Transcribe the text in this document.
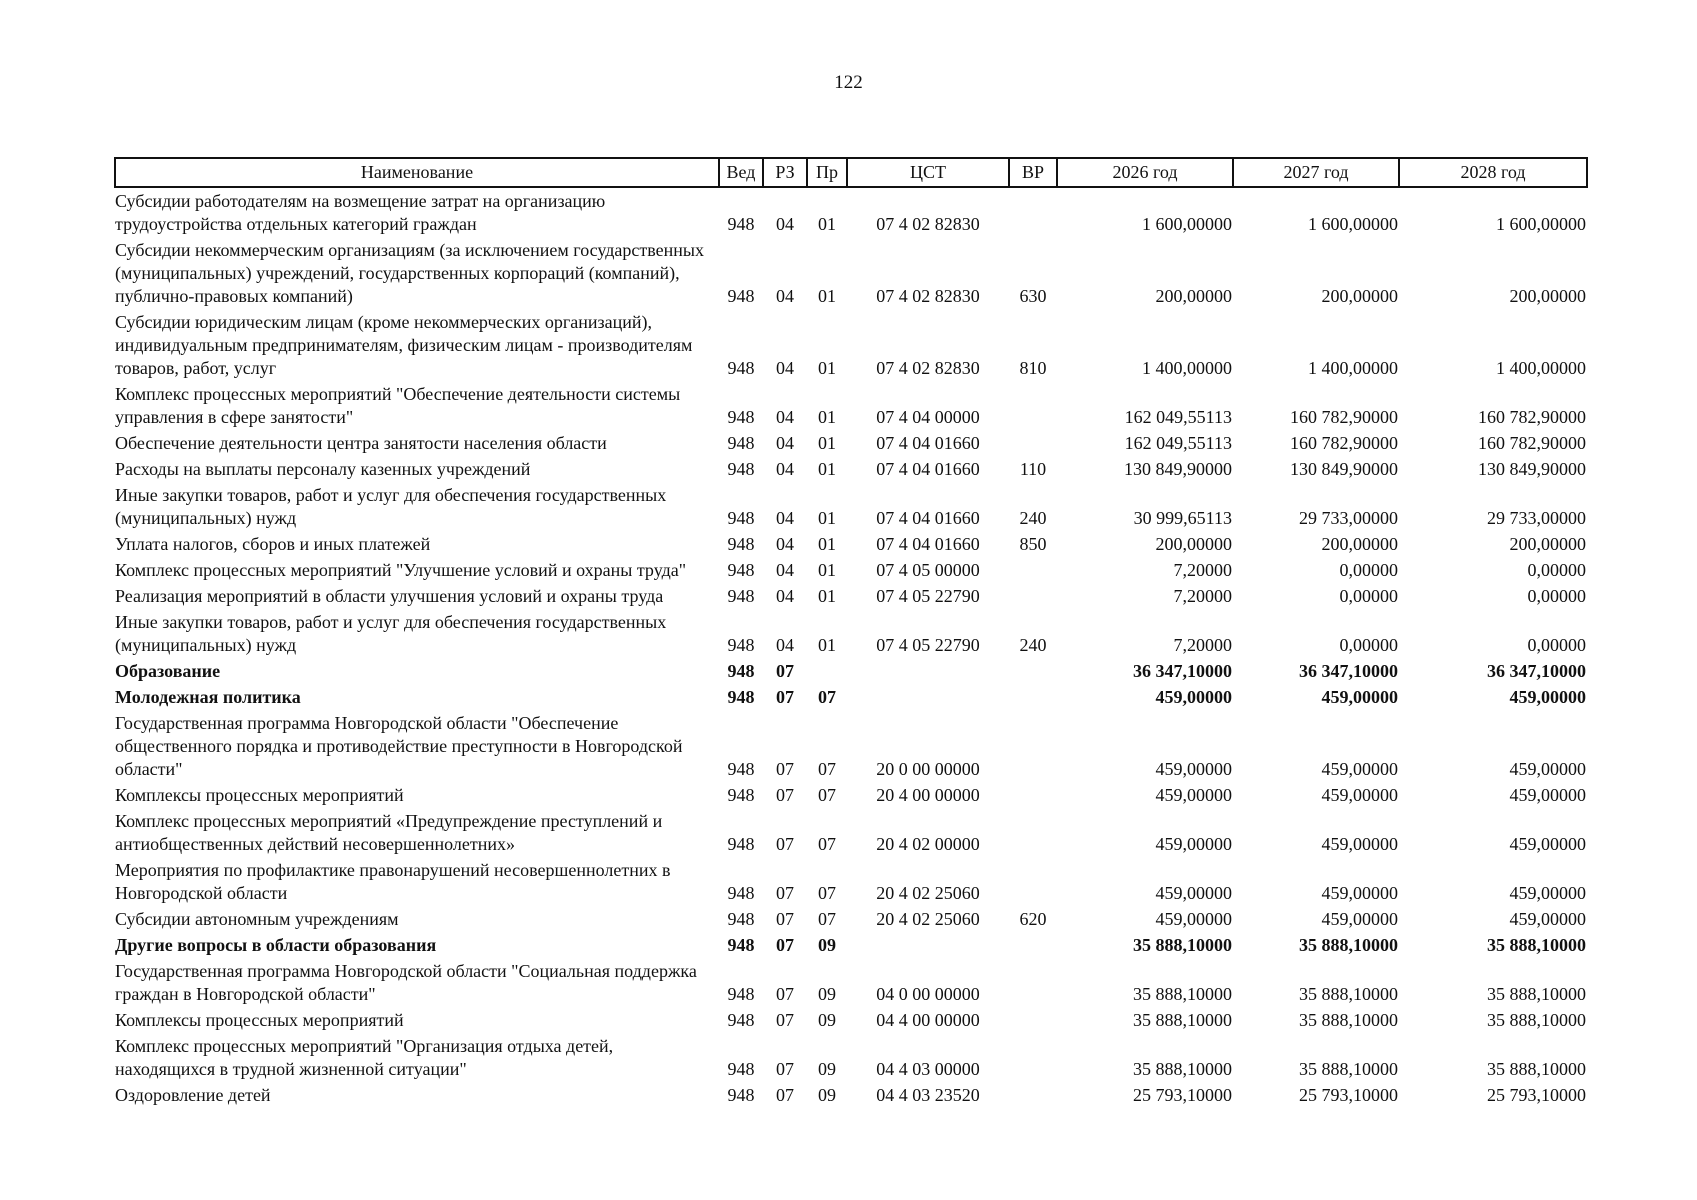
122
Наименование	Вед	РЗ	Пр	ЦСТ	ВР	2026 год	2027 год	2028 год
Субсидии работодателям на возмещение затрат на организацию трудоустройства отдельных категорий граждан	948	04	01	07 4 02 82830		1 600,00000	1 600,00000	1 600,00000
Субсидии некоммерческим организациям (за исключением государственных (муниципальных) учреждений, государственных корпораций (компаний), публично-правовых компаний)	948	04	01	07 4 02 82830	630	200,00000	200,00000	200,00000
Субсидии юридическим лицам (кроме некоммерческих организаций), индивидуальным предпринимателям, физическим лицам - производителям товаров, работ, услуг	948	04	01	07 4 02 82830	810	1 400,00000	1 400,00000	1 400,00000
Комплекс процессных мероприятий "Обеспечение деятельности системы управления в сфере занятости"	948	04	01	07 4 04 00000		162 049,55113	160 782,90000	160 782,90000
Обеспечение деятельности центра занятости населения области	948	04	01	07 4 04 01660		162 049,55113	160 782,90000	160 782,90000
Расходы на выплаты персоналу казенных учреждений	948	04	01	07 4 04 01660	110	130 849,90000	130 849,90000	130 849,90000
Иные закупки товаров, работ и услуг для обеспечения государственных (муниципальных) нужд	948	04	01	07 4 04 01660	240	30 999,65113	29 733,00000	29 733,00000
Уплата налогов, сборов и иных платежей	948	04	01	07 4 04 01660	850	200,00000	200,00000	200,00000
Комплекс процессных мероприятий "Улучшение условий и охраны труда"	948	04	01	07 4 05 00000		7,20000	0,00000	0,00000
Реализация мероприятий в области улучшения условий и охраны труда	948	04	01	07 4 05 22790		7,20000	0,00000	0,00000
Иные закупки товаров, работ и услуг для обеспечения государственных (муниципальных) нужд	948	04	01	07 4 05 22790	240	7,20000	0,00000	0,00000
Образование	948	07				36 347,10000	36 347,10000	36 347,10000
Молодежная политика	948	07	07			459,00000	459,00000	459,00000
Государственная программа Новгородской области "Обеспечение общественного порядка и противодействие преступности в Новгородской области"	948	07	07	20 0 00 00000		459,00000	459,00000	459,00000
Комплексы процессных мероприятий	948	07	07	20 4 00 00000		459,00000	459,00000	459,00000
Комплекс процессных мероприятий «Предупреждение преступлений и антиобщественных действий несовершеннолетних»	948	07	07	20 4 02 00000		459,00000	459,00000	459,00000
Мероприятия по профилактике правонарушений несовершеннолетних в Новгородской области	948	07	07	20 4 02 25060		459,00000	459,00000	459,00000
Субсидии автономным учреждениям	948	07	07	20 4 02 25060	620	459,00000	459,00000	459,00000
Другие вопросы в области образования	948	07	09			35 888,10000	35 888,10000	35 888,10000
Государственная программа Новгородской области "Социальная поддержка граждан в Новгородской области"	948	07	09	04 0 00 00000		35 888,10000	35 888,10000	35 888,10000
Комплексы процессных мероприятий	948	07	09	04 4 00 00000		35 888,10000	35 888,10000	35 888,10000
Комплекс процессных мероприятий "Организация отдыха детей, находящихся в трудной жизненной ситуации"	948	07	09	04 4 03 00000		35 888,10000	35 888,10000	35 888,10000
Оздоровление детей	948	07	09	04 4 03 23520		25 793,10000	25 793,10000	25 793,10000
